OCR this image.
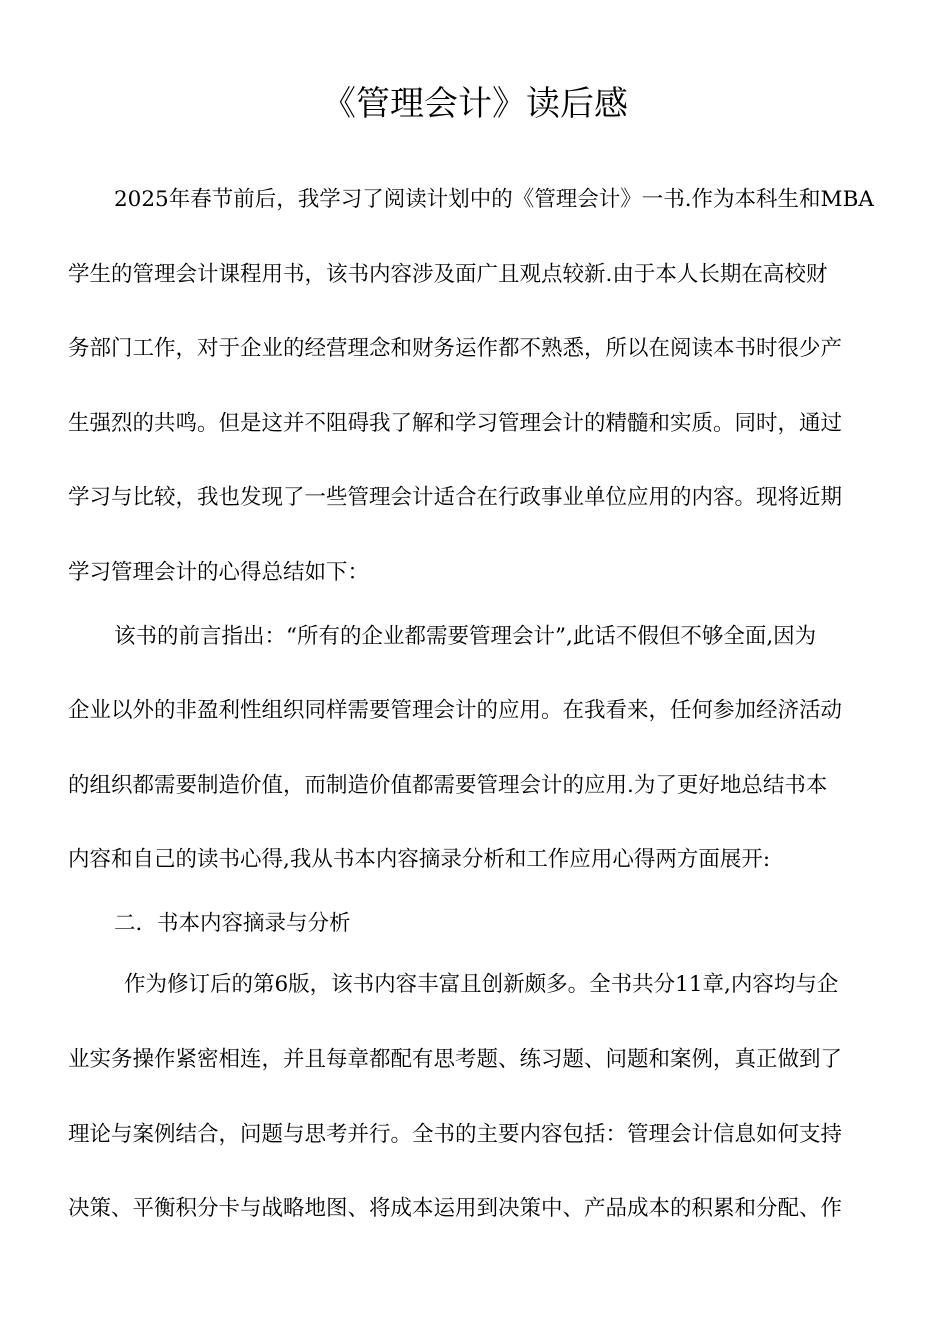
《管理会计》读后感
2025年春节前后，我学习了阅读计划中的《管理会计》一书.作为本科生和MBA
学生的管理会计课程用书，该书内容涉及面广且观点较新.由于本人长期在高校财
务部门工作，对于企业的经营理念和财务运作都不熟悉，所以在阅读本书时很少产
生强烈的共鸣。但是这并不阻碍我了解和学习管理会计的精髓和实质。同时，通过
学习与比较，我也发现了一些管理会计适合在行政事业单位应用的内容。现将近期
学习管理会计的心得总结如下：
该书的前言指出：“所有的企业都需要管理会计”,此话不假但不够全面,因为
企业以外的非盈利性组织同样需要管理会计的应用。在我看来，任何参加经济活动
的组织都需要制造价值，而制造价值都需要管理会计的应用.为了更好地总结书本
内容和自己的读书心得,我从书本内容摘录分析和工作应用心得两方面展开:
二．书本内容摘录与分析
作为修订后的第6版，该书内容丰富且创新颇多。全书共分11章,内容均与企
业实务操作紧密相连，并且每章都配有思考题、练习题、问题和案例，真正做到了
理论与案例结合，问题与思考并行。全书的主要内容包括：管理会计信息如何支持
决策、平衡积分卡与战略地图、将成本运用到决策中、产品成本的积累和分配、作
